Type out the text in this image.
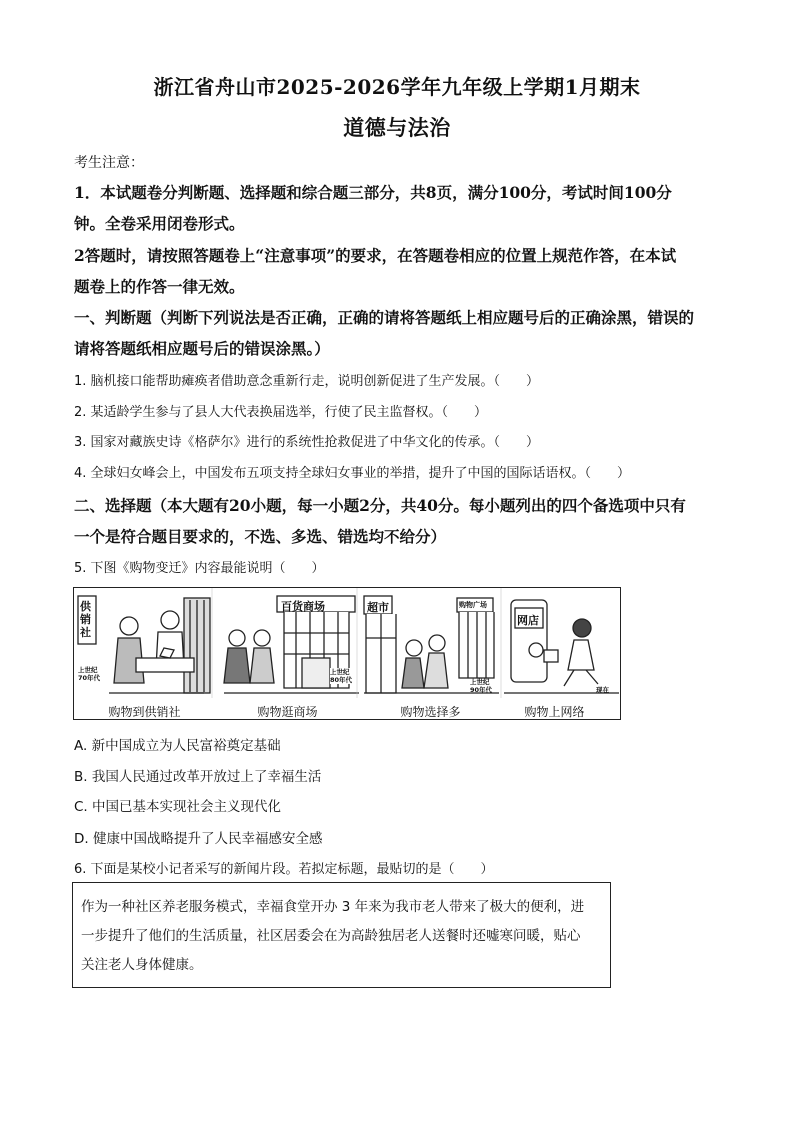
浙江省舟山市2025-2026学年九年级上学期1月期末
道德与法治
考生注意：
1．本试题卷分判断题、选择题和综合题三部分，共8页，满分100分，考试时间100分
钟。全卷采用闭卷形式。
2答题时，请按照答题卷上“注意事项”的要求，在答题卷相应的位置上规范作答，在本试
题卷上的作答一律无效。
一、判断题（判断下列说法是否正确，正确的请将答题纸上相应题号后的正确涂黑，错误的
请将答题纸相应题号后的错误涂黑。）
1. 脑机接口能帮助瘫痪者借助意念重新行走，说明创新促进了生产发展。（　　）
2. 某适龄学生参与了县人大代表换届选举，行使了民主监督权。（　　）
3. 国家对藏族史诗《格萨尔》进行的系统性抢救促进了中华文化的传承。（　　）
4. 全球妇女峰会上，中国发布五项支持全球妇女事业的举措，提升了中国的国际话语权。（　　）
二、选择题（本大题有20小题，每一小题2分，共40分。每小题列出的四个备选项中只有
一个是符合题目要求的，不选、多选、错选均不给分）
5. 下图《购物变迁》内容最能说明（　　）
供销社
上世纪
70年代
百货商场
上世纪
80年代
超市	购物广场
上世纪
90年代
网店
现在
购物到供销社	购物逛商场	购物选择多	购物上网络
A. 新中国成立为人民富裕奠定基础
B. 我国人民通过改革开放过上了幸福生活
C. 中国已基本实现社会主义现代化
D. 健康中国战略提升了人民幸福感安全感
6. 下面是某校小记者采写的新闻片段。若拟定标题，最贴切的是（　　）
作为一种社区养老服务模式，幸福食堂开办 3 年来为我市老人带来了极大的便利，进
一步提升了他们的生活质量，社区居委会在为高龄独居老人送餐时还嘘寒问暖，贴心
关注老人身体健康。
